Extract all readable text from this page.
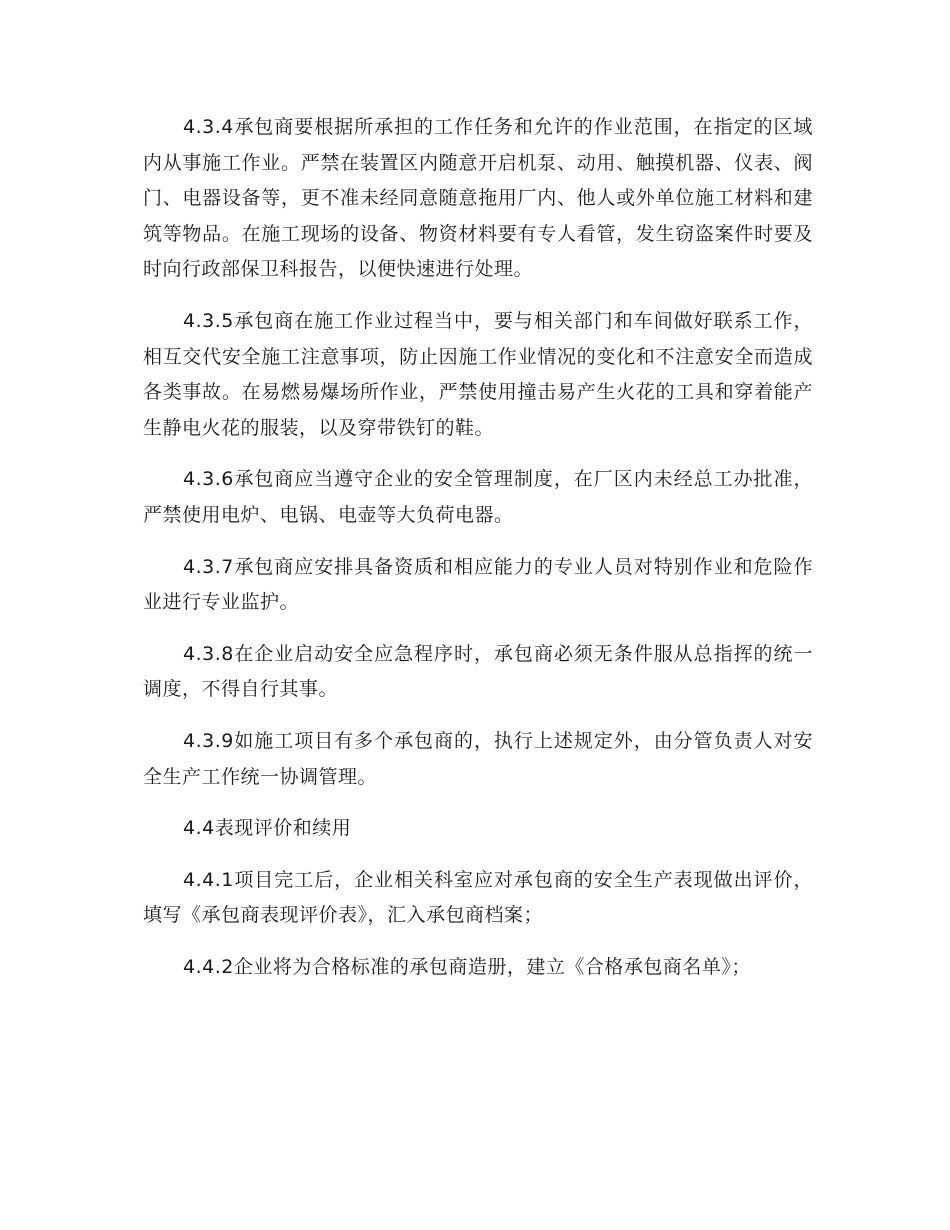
4.3.4承包商要根据所承担的工作任务和允许的作业范围，在指定的区域内从事施工作业。严禁在装置区内随意开启机泵、动用、触摸机器、仪表、阀门、电器设备等，更不准未经同意随意拖用厂内、他人或外单位施工材料和建筑等物品。在施工现场的设备、物资材料要有专人看管，发生窃盗案件时要及时向行政部保卫科报告，以便快速进行处理。

4.3.5承包商在施工作业过程当中，要与相关部门和车间做好联系工作，相互交代安全施工注意事项，防止因施工作业情况的变化和不注意安全而造成各类事故。在易燃易爆场所作业，严禁使用撞击易产生火花的工具和穿着能产生静电火花的服装，以及穿带铁钉的鞋。

4.3.6承包商应当遵守企业的安全管理制度，在厂区内未经总工办批准，严禁使用电炉、电锅、电壶等大负荷电器。

4.3.7承包商应安排具备资质和相应能力的专业人员对特别作业和危险作业进行专业监护。

4.3.8在企业启动安全应急程序时，承包商必须无条件服从总指挥的统一调度，不得自行其事。

4.3.9如施工项目有多个承包商的，执行上述规定外，由分管负责人对安全生产工作统一协调管理。

4.4表现评价和续用

4.4.1项目完工后，企业相关科室应对承包商的安全生产表现做出评价，填写《承包商表现评价表》，汇入承包商档案；

4.4.2企业将为合格标准的承包商造册，建立《合格承包商名单》；
